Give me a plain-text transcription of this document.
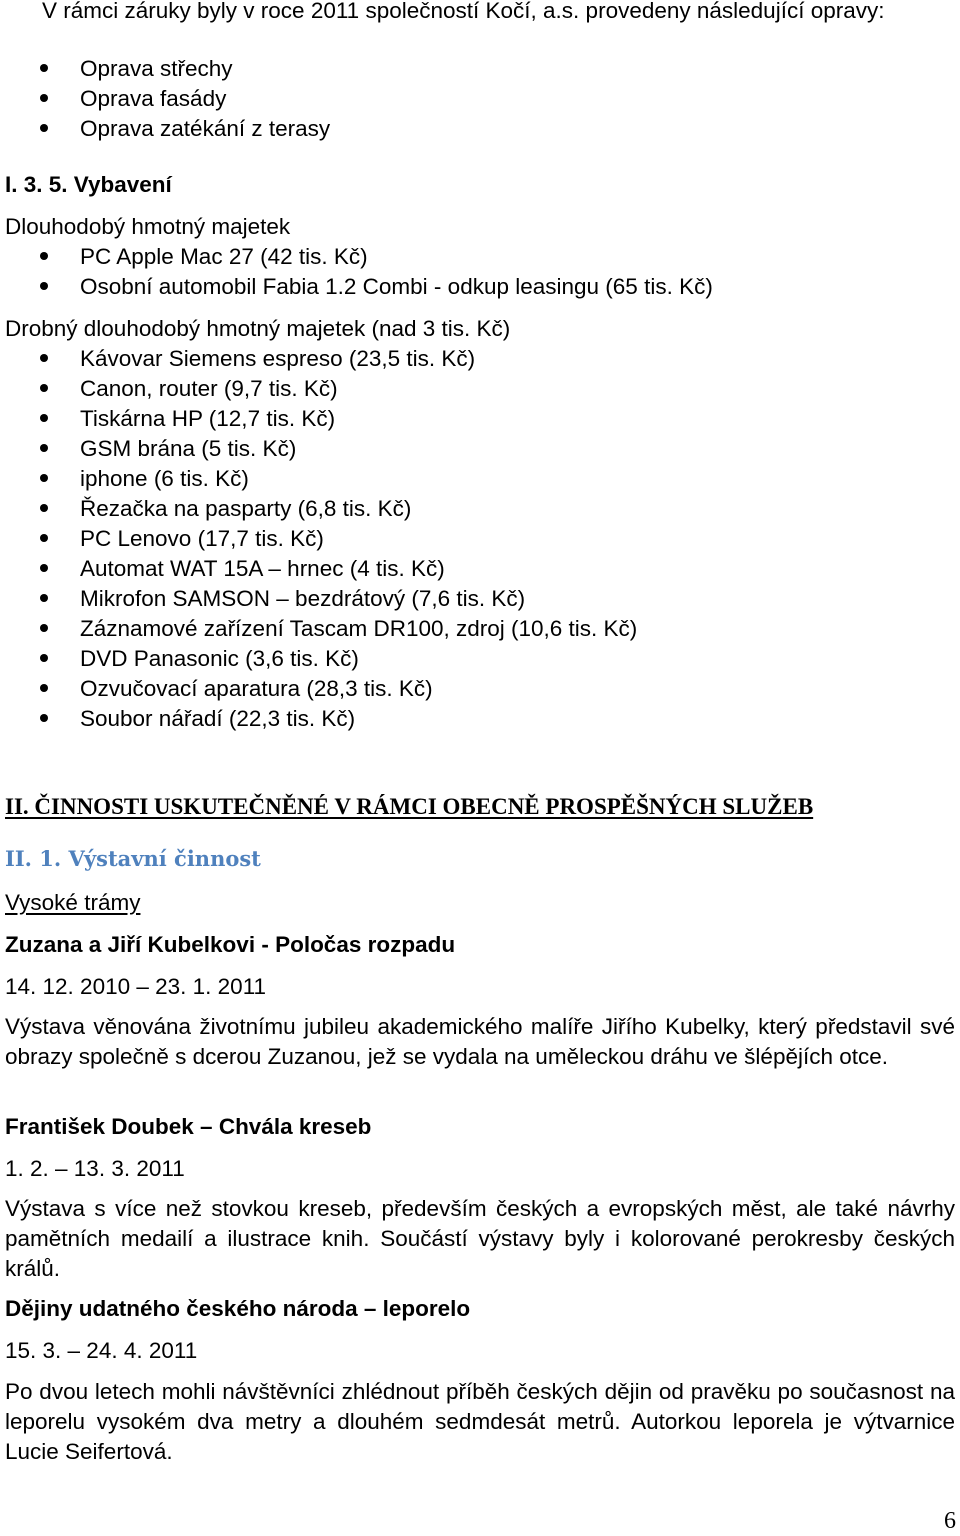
V rámci záruky byly v roce 2011 společností Kočí, a.s. provedeny následující opravy:
Oprava střechy
Oprava fasády
Oprava zatékání z terasy
I. 3. 5. Vybavení
Dlouhodobý hmotný majetek
PC Apple Mac 27 (42 tis. Kč)
Osobní automobil Fabia 1.2 Combi - odkup leasingu (65 tis. Kč)
Drobný dlouhodobý hmotný majetek (nad 3 tis. Kč)
Kávovar Siemens espreso (23,5 tis. Kč)
Canon, router (9,7 tis. Kč)
Tiskárna HP (12,7 tis. Kč)
GSM brána (5 tis. Kč)
iphone (6 tis. Kč)
Řezačka na pasparty (6,8 tis. Kč)
PC Lenovo (17,7 tis. Kč)
Automat WAT 15A – hrnec (4 tis. Kč)
Mikrofon SAMSON – bezdrátový (7,6 tis. Kč)
Záznamové zařízení Tascam DR100, zdroj (10,6 tis. Kč)
DVD Panasonic (3,6 tis. Kč)
Ozvučovací aparatura (28,3 tis. Kč)
Soubor nářadí (22,3 tis. Kč)
II. ČINNOSTI USKUTEČNĚNÉ V RÁMCI OBECNĚ PROSPĚŠNÝCH SLUŽEB
II. 1. Výstavní činnost
Vysoké trámy
Zuzana a Jiří Kubelkovi - Poločas rozpadu
14. 12. 2010 – 23. 1. 2011
Výstava věnována životnímu jubileu akademického malíře Jiřího Kubelky, který představil své obrazy společně s dcerou Zuzanou, jež se vydala na uměleckou dráhu ve šlépějích otce.
František Doubek – Chvála kreseb
1. 2. – 13. 3. 2011
Výstava s více než stovkou kreseb, především českých a evropských měst, ale také návrhy pamětních medailí a ilustrace knih. Součástí výstavy byly i kolorované perokresby českých králů.
Dějiny udatného českého národa – leporelo
15. 3. – 24. 4. 2011
Po dvou letech mohli návštěvníci zhlédnout příběh českých dějin od pravěku po současnost na leporelu vysokém dva metry a dlouhém sedmdesát metrů. Autorkou leporela je výtvarnice Lucie Seifertová.
6
